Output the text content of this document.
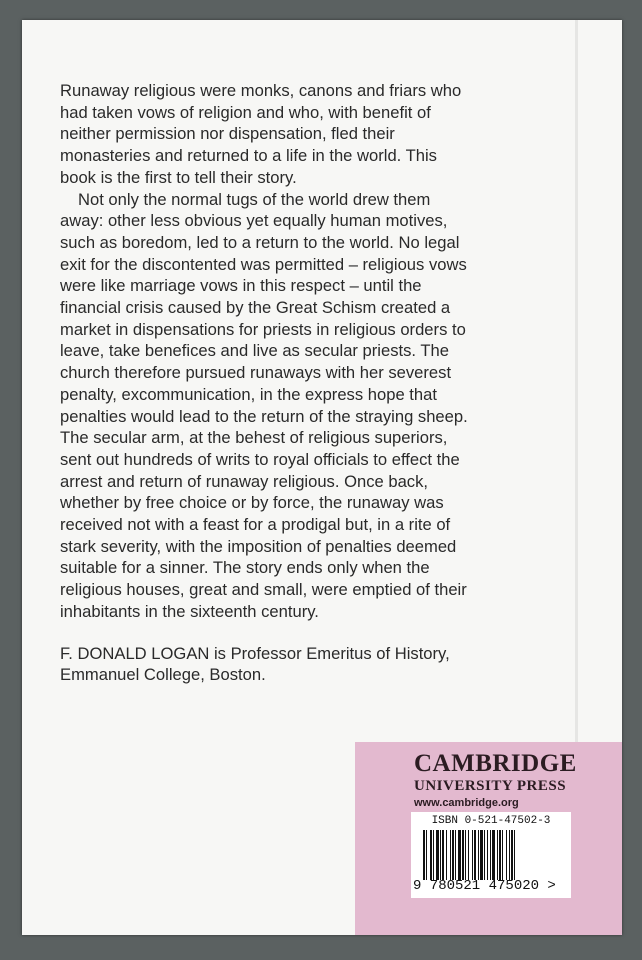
Runaway religious were monks, canons and friars who
had taken vows of religion and who, with benefit of
neither permission nor dispensation, fled their
monasteries and returned to a life in the world. This
book is the first to tell their story.
Not only the normal tugs of the world drew them
away: other less obvious yet equally human motives,
such as boredom, led to a return to the world. No legal
exit for the discontented was permitted – religious vows
were like marriage vows in this respect – until the
financial crisis caused by the Great Schism created a
market in dispensations for priests in religious orders to
leave, take benefices and live as secular priests. The
church therefore pursued runaways with her severest
penalty, excommunication, in the express hope that
penalties would lead to the return of the straying sheep.
The secular arm, at the behest of religious superiors,
sent out hundreds of writs to royal officials to effect the
arrest and return of runaway religious. Once back,
whether by free choice or by force, the runaway was
received not with a feast for a prodigal but, in a rite of
stark severity, with the imposition of penalties deemed
suitable for a sinner. The story ends only when the
religious houses, great and small, were emptied of their
inhabitants in the sixteenth century.
F. DONALD LOGAN is Professor Emeritus of History,
Emmanuel College, Boston.
CAMBRIDGE
UNIVERSITY PRESS
www.cambridge.org
ISBN 0-521-47502-3
9 780521 475020 >
